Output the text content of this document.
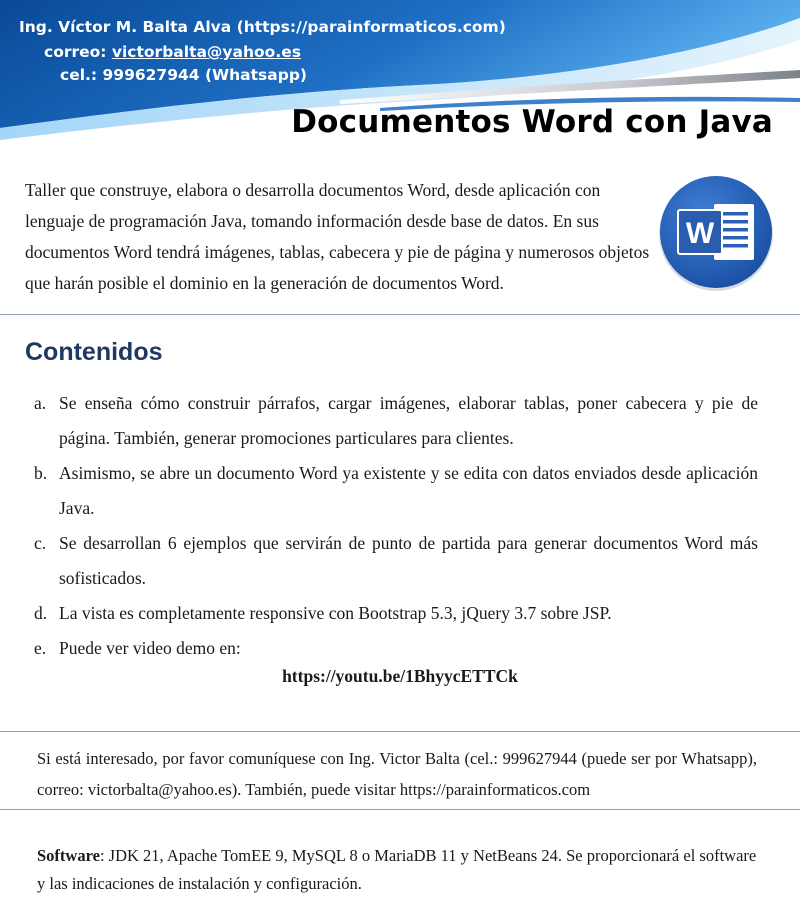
Ing. Víctor M. Balta Alva (https://parainformaticos.com)
correo: victorbalta@yahoo.es
cel.: 999627944 (Whatsapp)
Documentos Word con Java

Taller que construye, elabora o desarrolla documentos Word, desde aplicación con lenguaje de programación Java, tomando información desde base de datos. En sus documentos Word tendrá imágenes, tablas, cabecera y pie de página y numerosos objetos que harán posible el dominio en la generación de documentos Word.

W
Contenidos
a. Se enseña cómo construir párrafos, cargar imágenes, elaborar tablas, poner cabecera y pie de página. También, generar promociones particulares para clientes.
b. Asimismo, se abre un documento Word ya existente y se edita con datos enviados desde aplicación Java.
c. Se desarrollan 6 ejemplos que servirán de punto de partida para generar documentos Word más sofisticados.
d. La vista es completamente responsive con Bootstrap 5.3, jQuery 3.7 sobre JSP.
e. Puede ver video demo en:
https://youtu.be/1BhyycETTCk

Si está interesado, por favor comuníquese con Ing. Victor Balta (cel.: 999627944 (puede ser por Whatsapp), correo: victorbalta@yahoo.es). También, puede visitar https://parainformaticos.com

Software: JDK 21, Apache TomEE 9, MySQL 8 o MariaDB 11 y NetBeans 24. Se proporcionará el software y las indicaciones de instalación y configuración.
